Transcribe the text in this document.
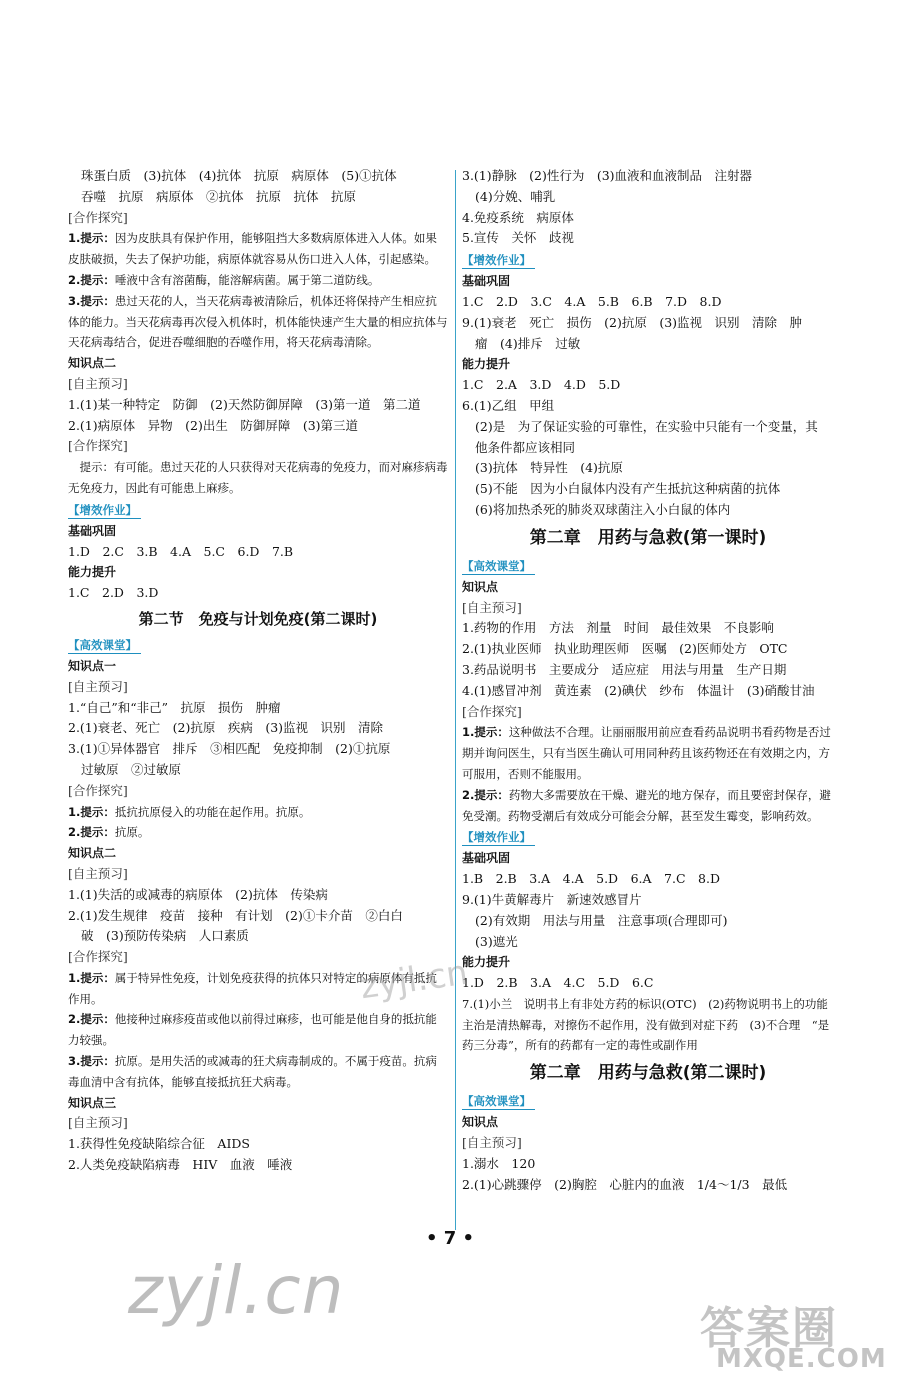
珠蛋白质　(3)抗体　(4)抗体　抗原　病原体　(5)①抗体
吞噬　抗原　病原体　②抗体　抗原　抗体　抗原
[合作探究]
1.提示：因为皮肤具有保护作用，能够阻挡大多数病原体进入人体。如果皮肤破损，失去了保护功能，病原体就容易从伤口进入人体，引起感染。
2.提示：唾液中含有溶菌酶，能溶解病菌。属于第二道防线。
3.提示：患过天花的人，当天花病毒被清除后，机体还将保持产生相应抗体的能力。当天花病毒再次侵入机体时，机体能快速产生大量的相应抗体与天花病毒结合，促进吞噬细胞的吞噬作用，将天花病毒清除。
知识点二
[自主预习]
1.(1)某一种特定　防御　(2)天然防御屏障　(3)第一道　第二道
2.(1)病原体　异物　(2)出生　防御屏障　(3)第三道
[合作探究]
　提示：有可能。患过天花的人只获得对天花病毒的免疫力，而对麻疹病毒无免疫力，因此有可能患上麻疹。
【增效作业】
基础巩固
1.D　2.C　3.B　4.A　5.C　6.D　7.B
能力提升
1.C　2.D　3.D
第二节　免疫与计划免疫(第二课时)
【高效课堂】
知识点一
[自主预习]
1.“自己”和“非己”　抗原　损伤　肿瘤
2.(1)衰老、死亡　(2)抗原　疾病　(3)监视　识别　清除
3.(1)①异体器官　排斥　③相匹配　免疫抑制　(2)①抗原
过敏原　②过敏原
[合作探究]
1.提示：抵抗抗原侵入的功能在起作用。抗原。
2.提示：抗原。
知识点二
[自主预习]
1.(1)失活的或减毒的病原体　(2)抗体　传染病
2.(1)发生规律　疫苗　接种　有计划　(2)①卡介苗　②白白
破　(3)预防传染病　人口素质
[合作探究]
1.提示：属于特异性免疫，计划免疫获得的抗体只对特定的病原体有抵抗作用。
2.提示：他接种过麻疹疫苗或他以前得过麻疹，也可能是他自身的抵抗能力较强。
3.提示：抗原。是用失活的或减毒的狂犬病毒制成的。不属于疫苗。抗病毒血清中含有抗体，能够直接抵抗狂犬病毒。
知识点三
[自主预习]
1.获得性免疫缺陷综合征　AIDS
2.人类免疫缺陷病毒　HIV　血液　唾液
3.(1)静脉　(2)性行为　(3)血液和血液制品　注射器
(4)分娩、哺乳
4.免疫系统　病原体
5.宣传　关怀　歧视
【增效作业】
基础巩固
1.C　2.D　3.C　4.A　5.B　6.B　7.D　8.D
9.(1)衰老　死亡　损伤　(2)抗原　(3)监视　识别　清除　肿
瘤　(4)排斥　过敏
能力提升
1.C　2.A　3.D　4.D　5.D
6.(1)乙组　甲组
(2)是　为了保证实验的可靠性，在实验中只能有一个变量，其
他条件都应该相同
(3)抗体　特异性　(4)抗原
(5)不能　因为小白鼠体内没有产生抵抗这种病菌的抗体
(6)将加热杀死的肺炎双球菌注入小白鼠的体内
第二章　用药与急救(第一课时)
【高效课堂】
知识点
[自主预习]
1.药物的作用　方法　剂量　时间　最佳效果　不良影响
2.(1)执业医师　执业助理医师　医嘱　(2)医师处方　OTC
3.药品说明书　主要成分　适应症　用法与用量　生产日期
4.(1)感冒冲剂　黄连素　(2)碘伏　纱布　体温计　(3)硝酸甘油
[合作探究]
1.提示：这种做法不合理。让丽丽服用前应查看药品说明书看药物是否过期并询问医生，只有当医生确认可用同种药且该药物还在有效期之内，方可服用，否则不能服用。
2.提示：药物大多需要放在干燥、避光的地方保存，而且要密封保存，避免受潮。药物受潮后有效成分可能会分解，甚至发生霉变，影响药效。
【增效作业】
基础巩固
1.B　2.B　3.A　4.A　5.D　6.A　7.C　8.D
9.(1)牛黄解毒片　新速效感冒片
(2)有效期　用法与用量　注意事项(合理即可)
(3)遮光
能力提升
1.D　2.B　3.A　4.C　5.D　6.C
7.(1)小兰　说明书上有非处方药的标识(OTC)　(2)药物说明书上的功能主治是清热解毒，对擦伤不起作用，没有做到对症下药　(3)不合理　“是药三分毒”，所有的药都有一定的毒性或副作用
第二章　用药与急救(第二课时)
【高效课堂】
知识点
[自主预习]
1.溺水　120
2.(1)心跳骤停　(2)胸腔　心脏内的血液　1/4～1/3　最低
• 7 •
zyjl.cn
zyjl.cn	答案圈
MXQE.COM
